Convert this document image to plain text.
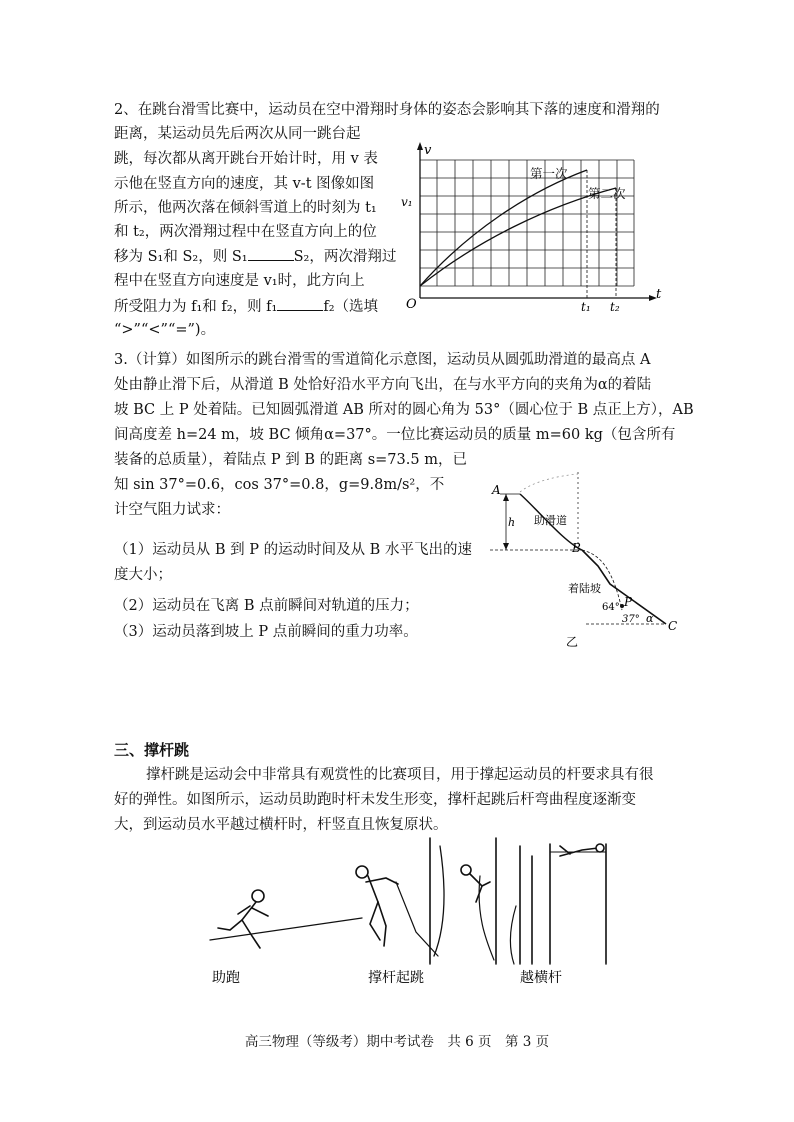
2、在跳台滑雪比赛中，运动员在空中滑翔时身体的姿态会影响其下落的速度和滑翔的
距离，某运动员先后两次从同一跳台起
跳，每次都从离开跳台开始计时，用 v 表
示他在竖直方向的速度，其 v-t 图像如图
所示，他两次落在倾斜雪道上的时刻为 t₁
和 t₂，两次滑翔过程中在竖直方向上的位
移为 S₁和 S₂，则 S₁	S₂，两次滑翔过
程中在竖直方向速度是 v₁时，此方向上
所受阻力为 f₁和 f₂，则 f₁	f₂（选填
“>”“<”“=”)。
v
t
O
v₁
t₁ t₂
第一次
第二次
3.（计算）如图所示的跳台滑雪的雪道简化示意图，运动员从圆弧助滑道的最高点 A
处由静止滑下后，从滑道 B 处恰好沿水平方向飞出，在与水平方向的夹角为α的着陆
坡 BC 上 P 处着陆。已知圆弧滑道 AB 所对的圆心角为 53°（圆心位于 B 点正上方），AB
间高度差 h=24 m，坡 BC 倾角α=37°。一位比赛运动员的质量 m=60 kg（包含所有
装备的总质量），着陆点 P 到 B 的距离 s=73.5 m，已
知 sin 37°=0.6，cos 37°=0.8，g=9.8m/s²，不
计空气阻力试求：
（1）运动员从 B 到 P 的运动时间及从 B 水平飞出的速
度大小；
（2）运动员在飞离 B 点前瞬间对轨道的压力；
（3）运动员落到坡上 P 点前瞬间的重力功率。
A
h 助滑道
B
着陆坡
64° P
37° α
C
乙
三、撑杆跳
撑杆跳是运动会中非常具有观赏性的比赛项目，用于撑起运动员的杆要求具有很
好的弹性。如图所示，运动员助跑时杆未发生形变，撑杆起跳后杆弯曲程度逐渐变
大，到运动员水平越过横杆时，杆竖直且恢复原状。
助跑	撑杆起跳	越横杆
高三物理（等级考）期中考试卷　共 6 页　第 3 页
